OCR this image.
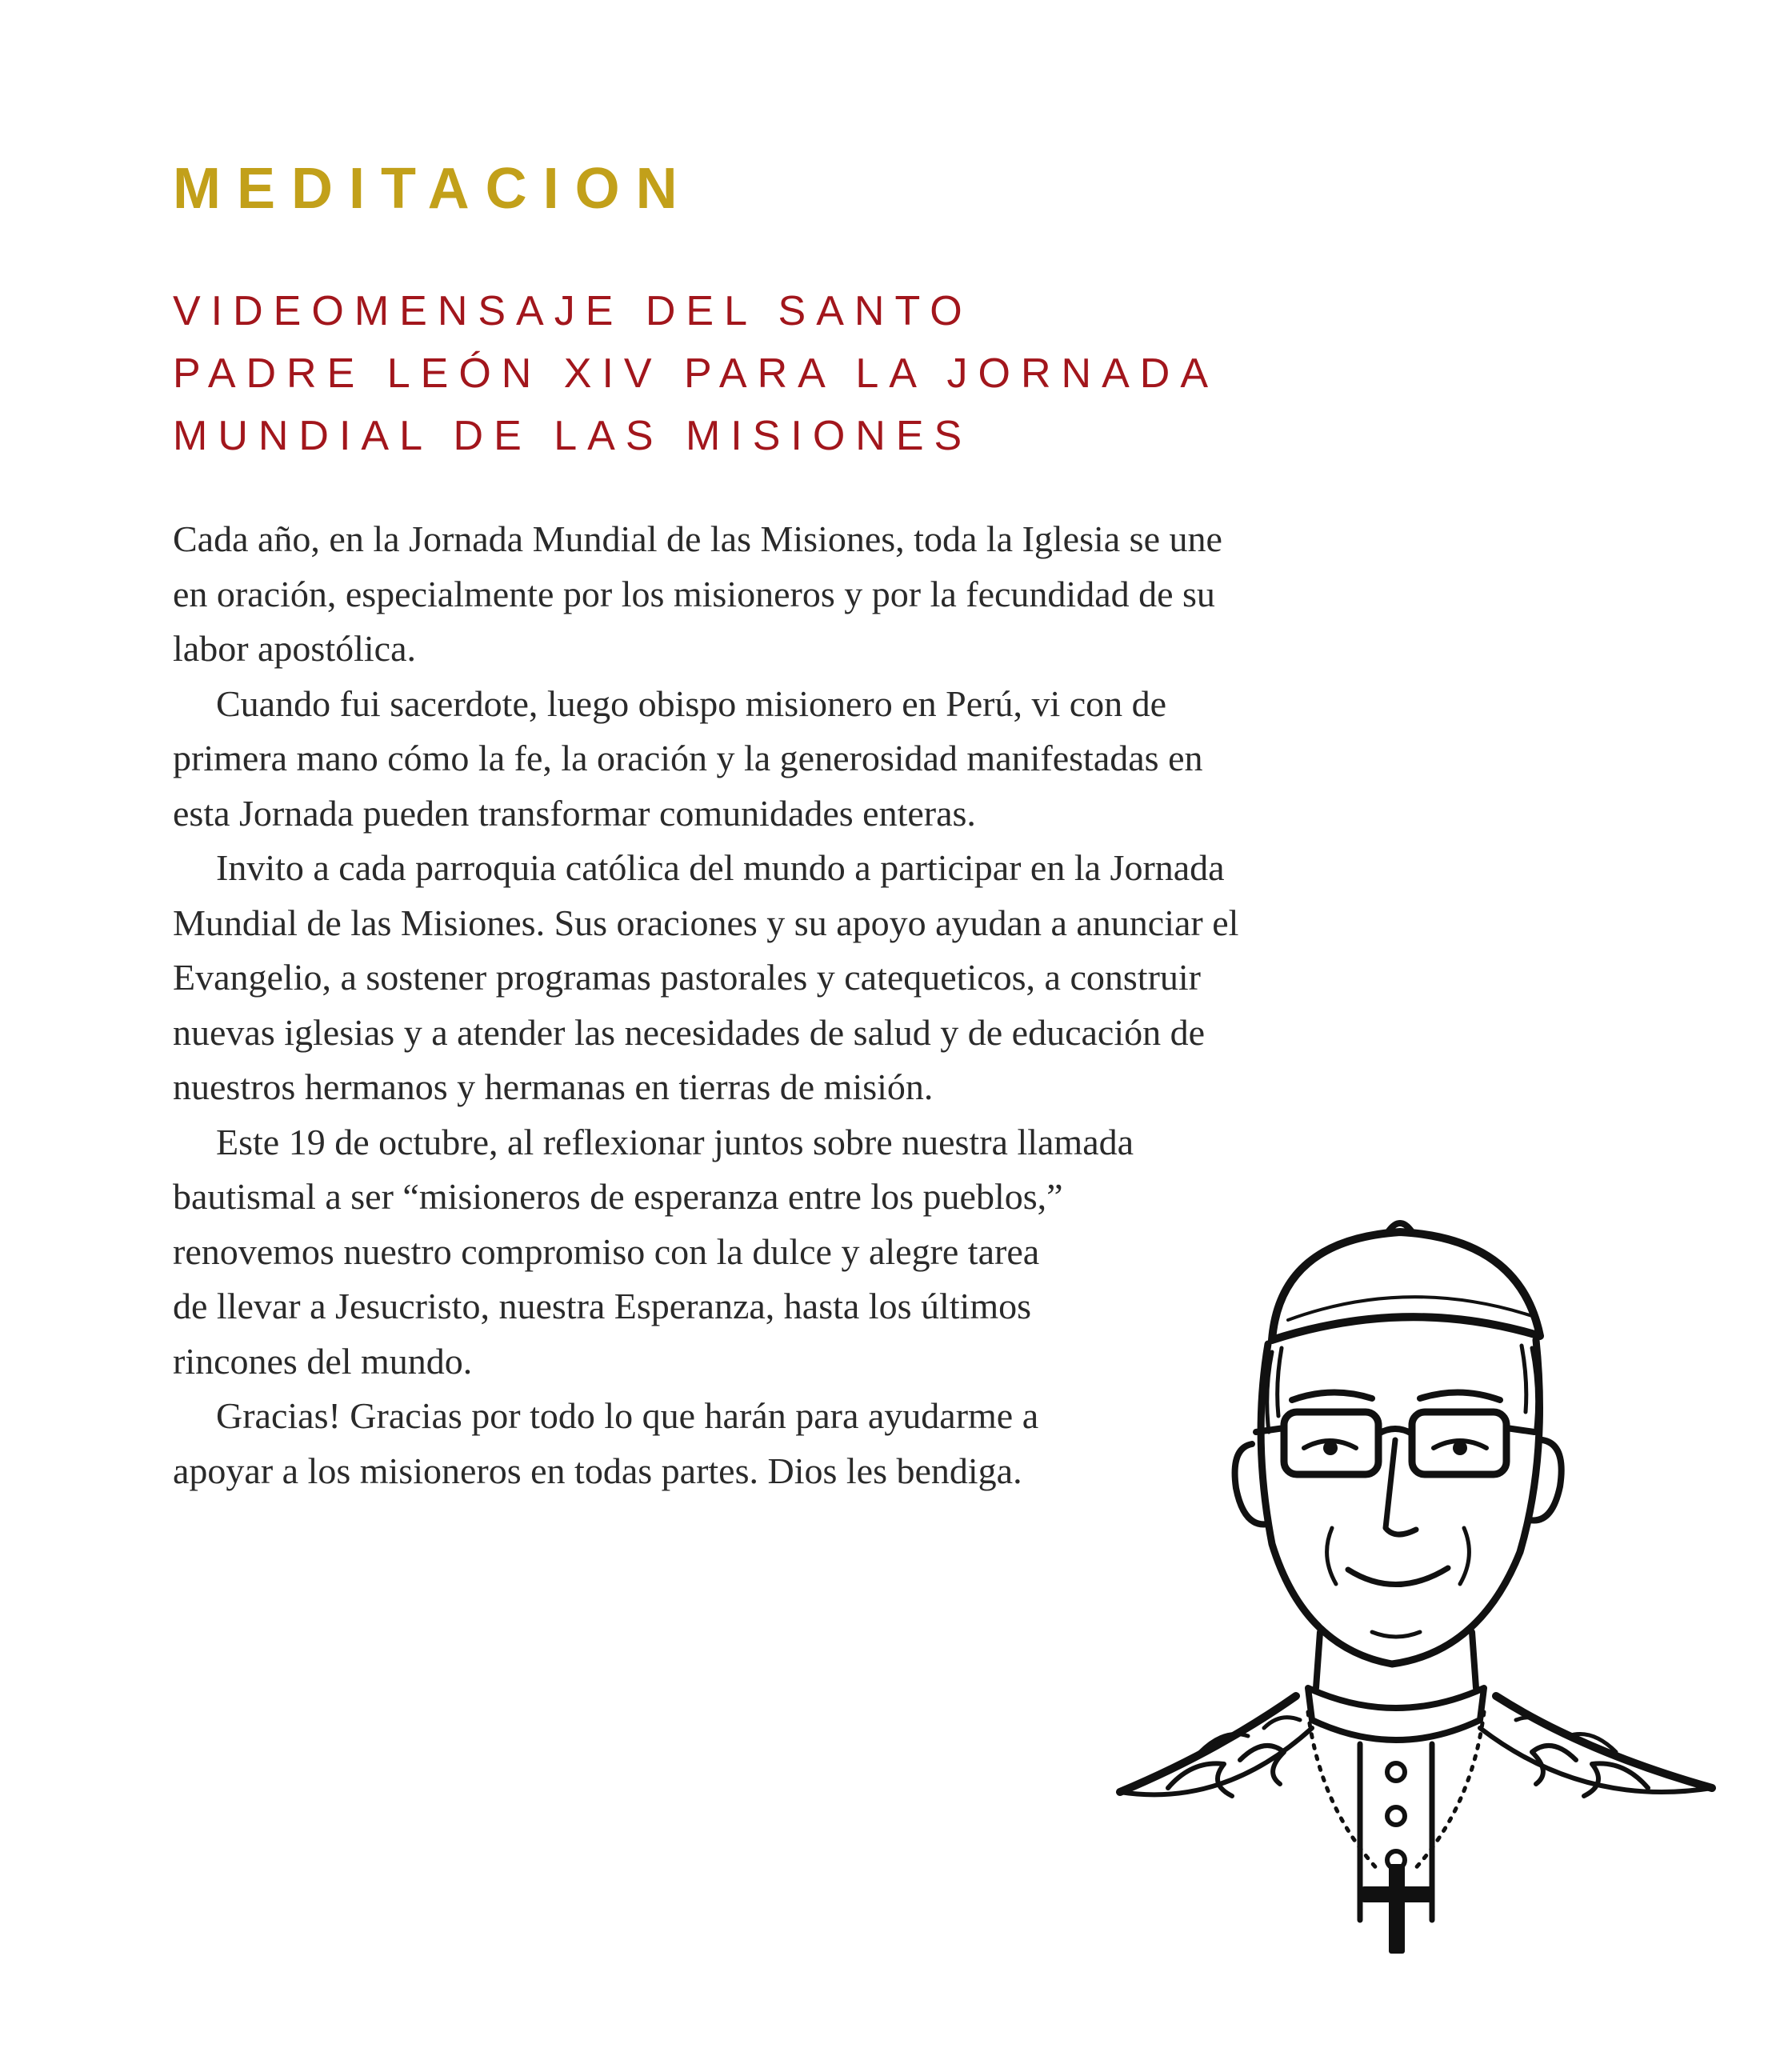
MEDITACION
VIDEOMENSAJE DEL SANTO
PADRE LEÓN XIV PARA LA JORNADA
MUNDIAL DE LAS MISIONES
Cada año, en la Jornada Mundial de las Misiones, toda la Iglesia se une
en oración, especialmente por los misioneros y por la fecundidad de su
labor apostólica.
Cuando fui sacerdote, luego obispo misionero en Perú, vi con de
primera mano cómo la fe, la oración y la generosidad manifestadas en
esta Jornada pueden transformar comunidades enteras.
Invito a cada parroquia católica del mundo a participar en la Jornada
Mundial de las Misiones. Sus oraciones y su apoyo ayudan a anunciar el
Evangelio, a sostener programas pastorales y catequeticos, a construir
nuevas iglesias y a atender las necesidades de salud y de educación de
nuestros hermanos y hermanas en tierras de misión.
Este 19 de octubre, al reflexionar juntos sobre nuestra llamada
bautismal a ser “misioneros de esperanza entre los pueblos,”
renovemos nuestro compromiso con la dulce y alegre tarea
de llevar a Jesucristo, nuestra Esperanza, hasta los últimos
rincones del mundo.
Gracias! Gracias por todo lo que harán para ayudarme a
apoyar a los misioneros en todas partes. Dios les bendiga.
